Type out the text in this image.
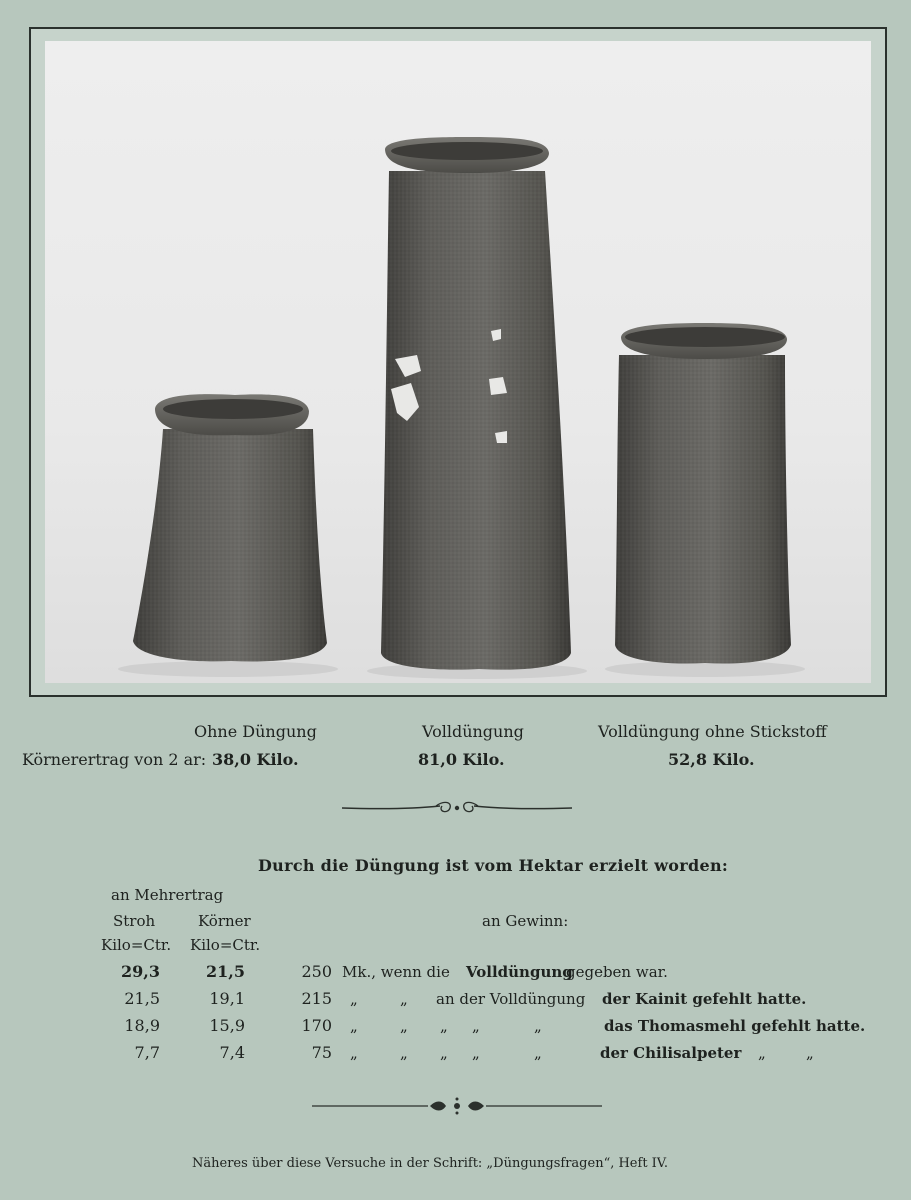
Ohne Düngung	Volldüngung	Volldüngung ohne Stickstoff
Körnerertrag von 2 ar: 38,0 Kilo.	81,0 Kilo.	52,8 Kilo.
Durch die Düngung ist vom Hektar erzielt worden:
an Mehrertrag
Stroh	Körner	an Gewinn:
Kilo=Ctr. Kilo=Ctr.
29,3	21,5	250 Mk., wenn die Volldüngung
gegeben war.
21,5	19,1	215 „	„ an der Volldüngung der Kainit gefehlt hatte.
18,9	15,9	170 „	„ „ „	„	das Thomasmehl gefehlt hatte.
7,7	7,4	75 „	„ „ „	„	der Chilisalpeter „	„
Näheres über diese Versuche in der Schrift: „Düngungsfragen“, Heft IV.
